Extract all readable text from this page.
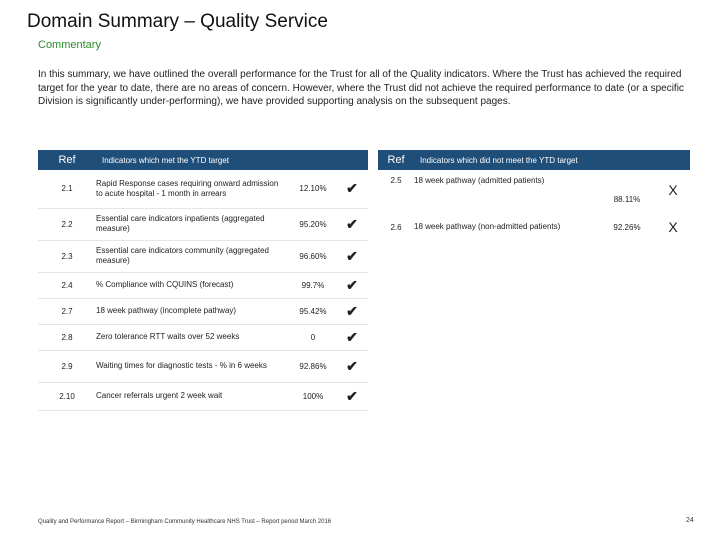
Domain Summary – Quality Service
Commentary
In this summary, we have outlined the overall performance for the Trust for all of the Quality indicators. Where the Trust has achieved the required target for the year to date, there are no areas of concern. However, where the Trust did not achieve the required performance to date (or a specific Division is significantly under-performing), we have provided supporting analysis on the subsequent pages.
Ref	Indicators which met the YTD target		
2.1	Rapid Response cases requiring onward admission to acute hospital - 1 month in arrears	12.10%	✔
2.2	Essential care indicators inpatients (aggregated measure)	95.20%	✔
2.3	Essential care indicators community (aggregated measure)	96.60%	✔
2.4	% Compliance with CQUINS (forecast)	99.7%	✔
2.7	18 week pathway (incomplete pathway)	95.42%	✔
2.8	Zero tolerance RTT waits over 52 weeks	0	✔
2.9	Waiting times for diagnostic tests - % in 6 weeks	92.86%	✔
2.10	Cancer referrals urgent 2 week wait	100%	✔
Ref	Indicators which did not meet the YTD target		
2.5	18 week pathway (admitted patients)	88.11%	X
2.6	18 week pathway (non-admitted patients)	92.26%	X
Quality and Performance Report – Birmingham Community Healthcare NHS Trust – Report period March 2016	24
